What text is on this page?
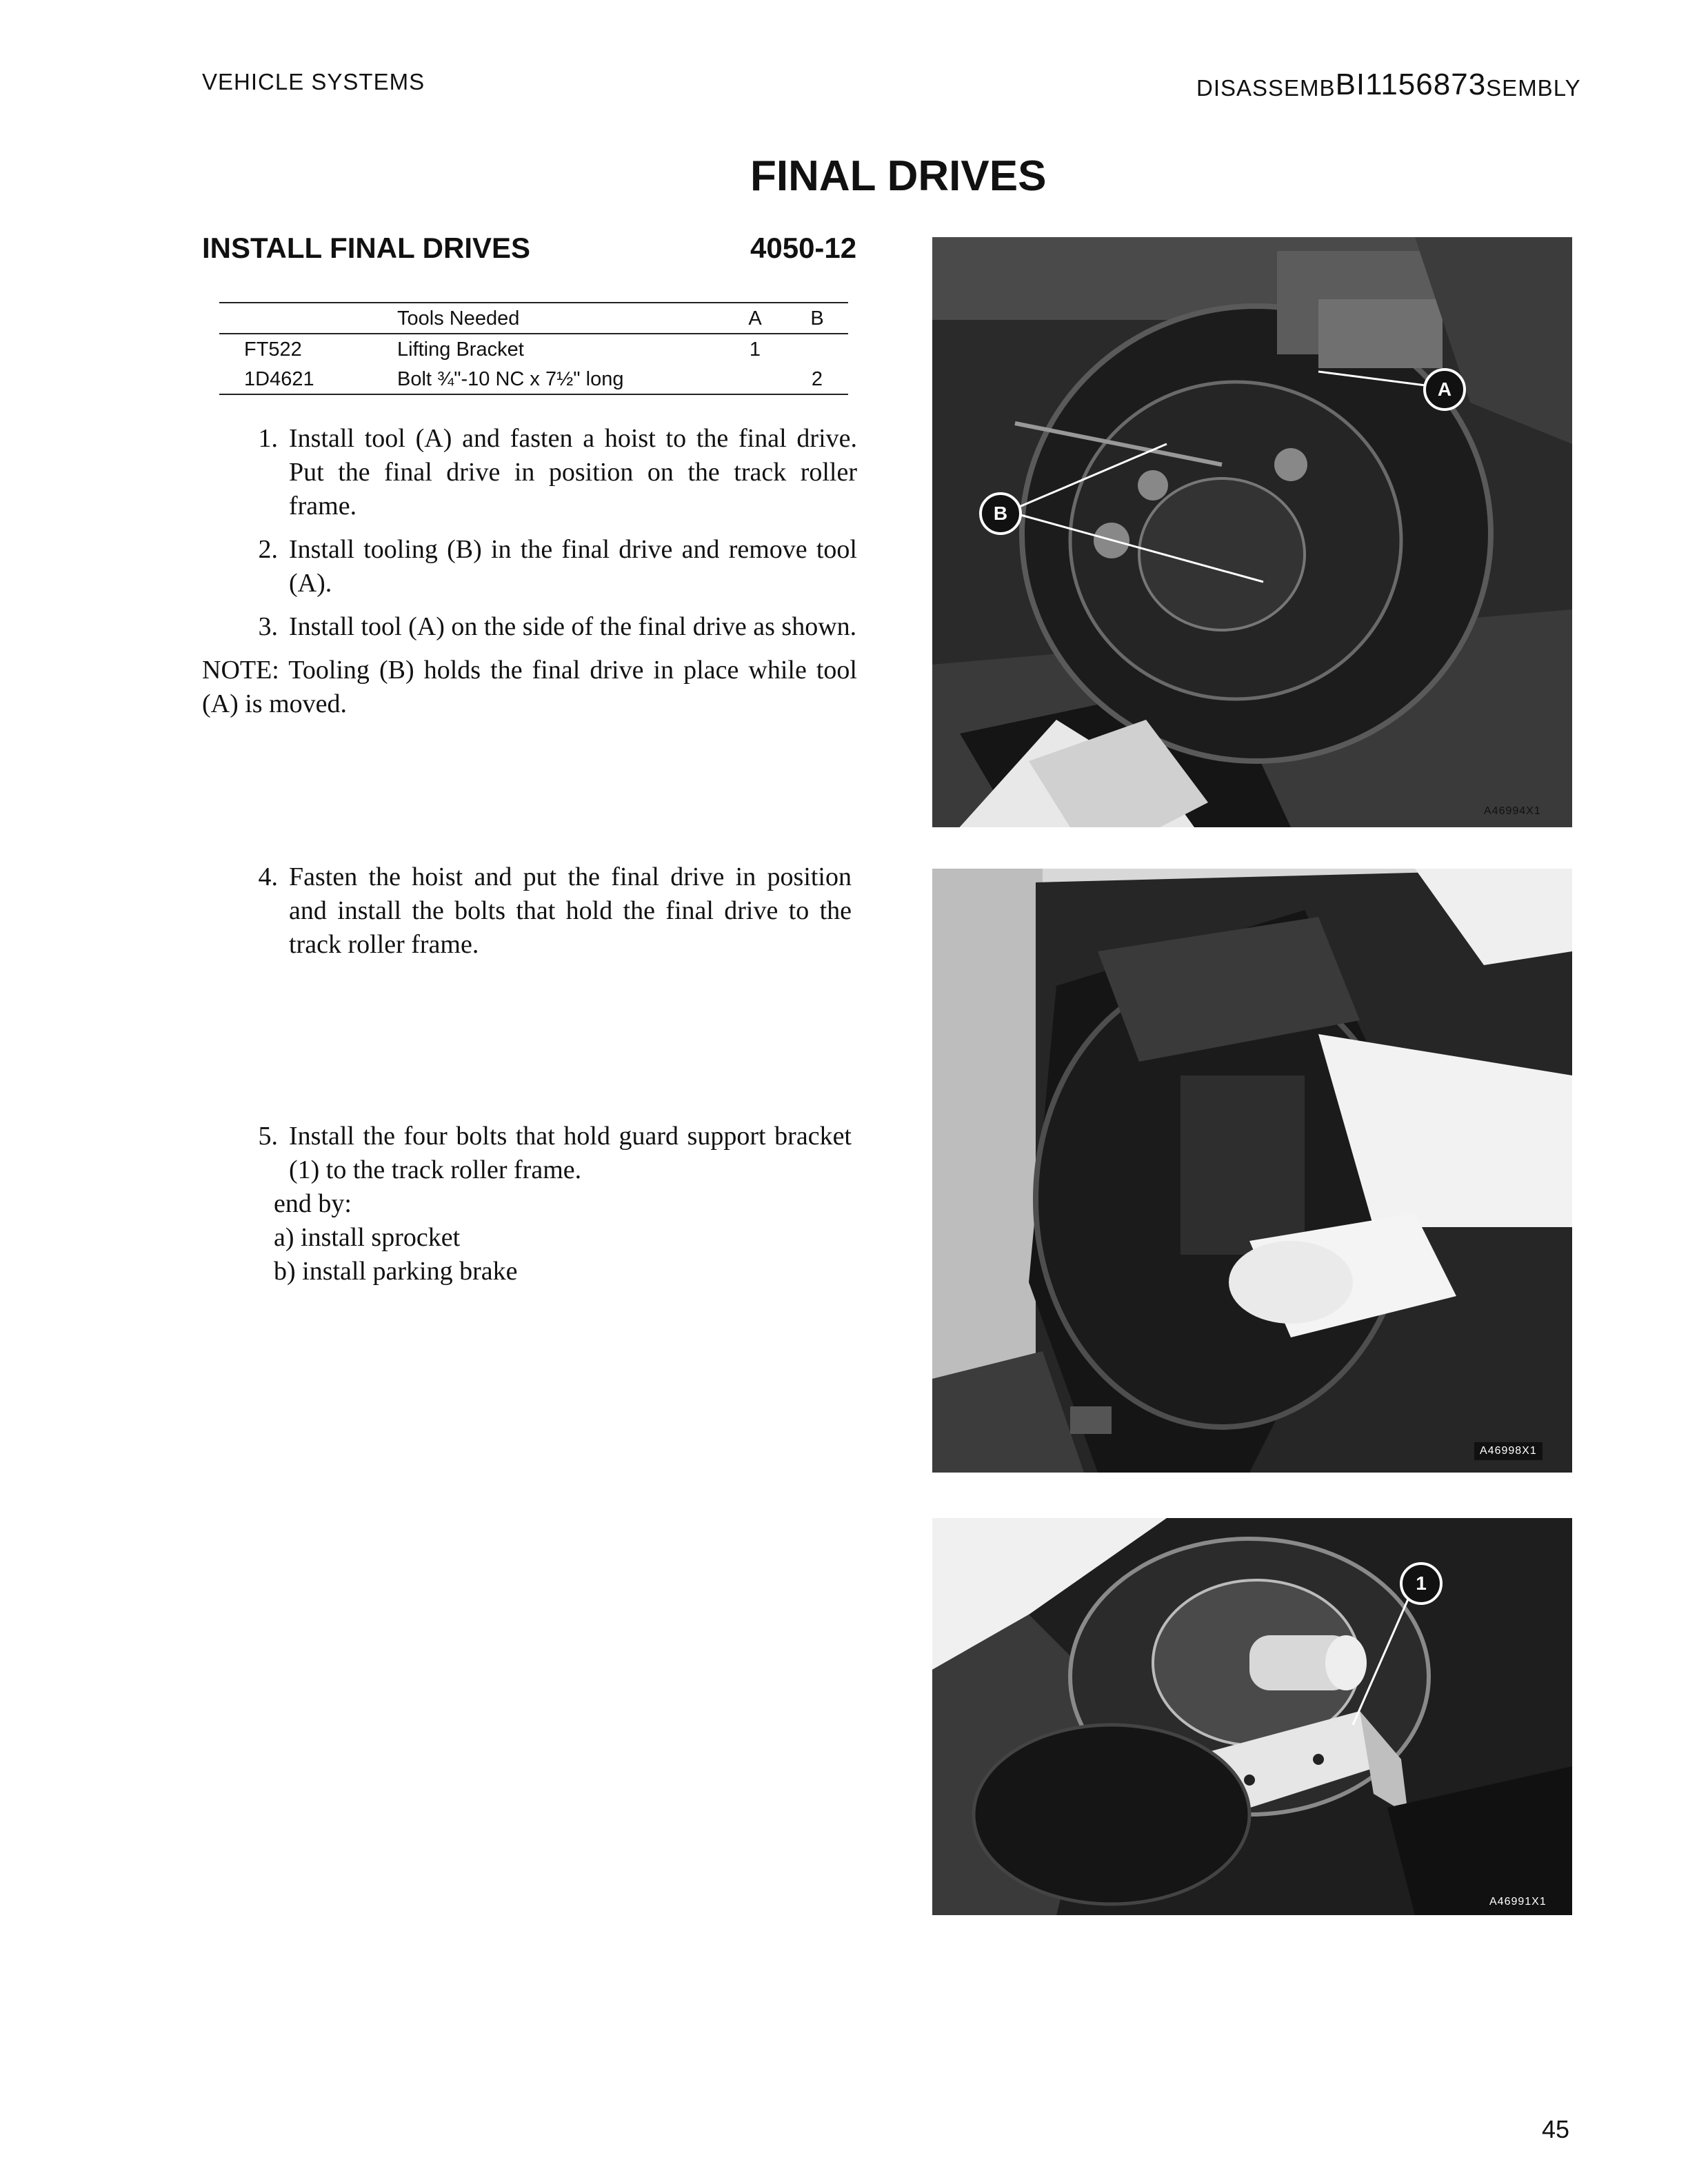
VEHICLE SYSTEMS	DISASSEMBBI1156873SEMBLY
FINAL DRIVES
INSTALL FINAL DRIVES	4050-12
	Tools Needed	A	B
FT522	Lifting Bracket	1	
1D4621	Bolt ¾"-10 NC x 7½" long		2
1. Install tool (A) and fasten a hoist to the final drive. Put the final drive in position on the track roller frame.
2. Install tooling (B) in the final drive and remove tool (A).
3. Install tool (A) on the side of the final drive as shown.
NOTE: Tooling (B) holds the final drive in place while tool (A) is moved.
4. Fasten the hoist and put the final drive in position and install the bolts that hold the final drive to the track roller frame.
5. Install the four bolts that hold guard support bracket (1) to the track roller frame.
end by:
a) install sprocket
b) install parking brake
A
B
A46994X1
A46998X1
1
A46991X1
45
